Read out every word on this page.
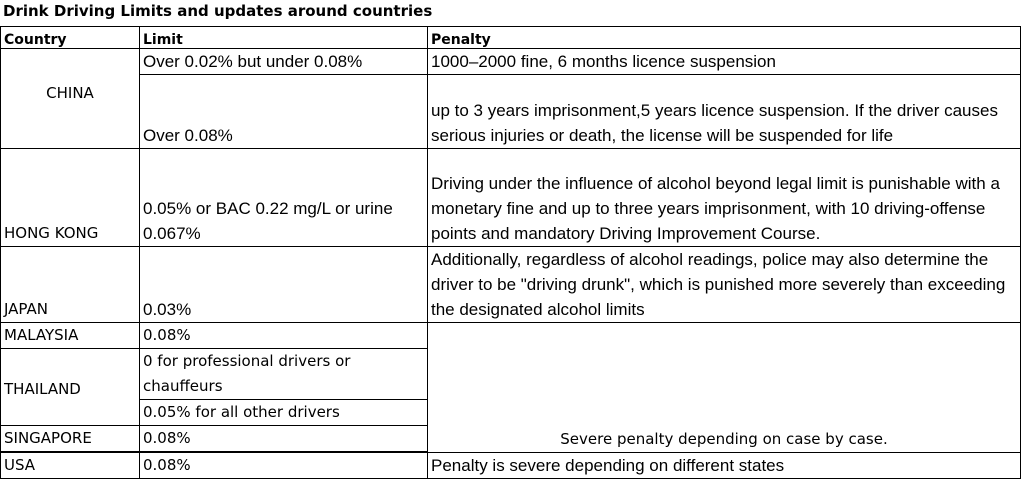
Drink Driving Limits and updates around countries
Country	Limit	Penalty
CHINA	Over 0.02% but under 0.08%	1000–2000 fine, 6 months licence suspension
	Over 0.08%	up to 3 years imprisonment,5 years licence suspension. If the driver causes serious injuries or death, the license will be suspended for life
HONG KONG	0.05% or BAC 0.22 mg/L or urine 0.067%	Driving under the influence of alcohol beyond legal limit is punishable with a monetary fine and up to three years imprisonment, with 10 driving-offense points and mandatory Driving Improvement Course.
JAPAN	0.03%	Additionally, regardless of alcohol readings, police may also determine the driver to be "driving drunk", which is punished more severely than exceeding the designated alcohol limits
MALAYSIA	0.08%	Severe penalty depending on case by case.
THAILAND	0 for professional drivers or chauffeurs	
	0.05% for all other drivers	
SINGAPORE	0.08%	

USA	0.08%	Penalty is severe depending on different states
